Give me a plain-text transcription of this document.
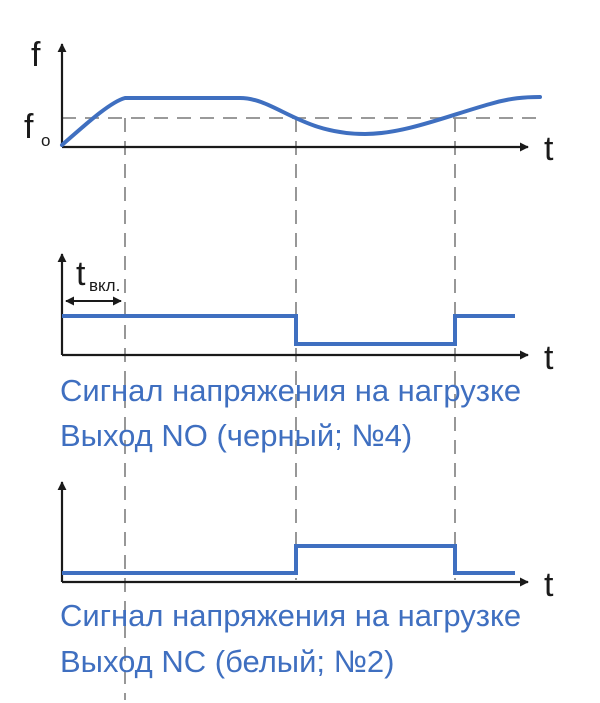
f
f o	t
t вкл.
t
Сигнал напряжения на нагрузке
Выход NO (черный; №4)
t
Сигнал напряжения на нагрузке
Выход NC (белый; №2)
